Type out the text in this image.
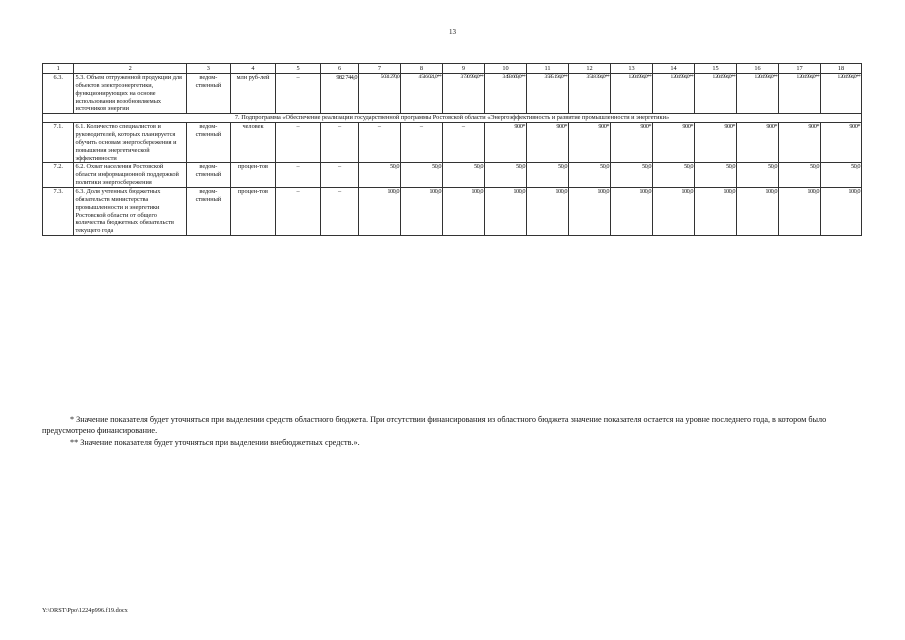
13
1	2	3	4	5	6	7	8	9	10	11	12	13	14	15	16	17	18
6.3.	5.3. Объем отгруженной продукции для объектов электроэнергетики, функционирующих на основе использования возобновляемых источников энергии	ведом-ственный	млн руб-лей	–	982 744,0	5 031 270,0	4 516 021,0**	3 730 994,0**	3 493 669,0**	3 585 194,0**	3 518 394,0**	1 204 994,0**	1 204 994,0**	1 204 994,0**	1 204 994,0**	1 204 994,0**	1 204 994,0**
7. Подпрограмма «Обеспечение реализации государственной программы Ростовской области «Энергоэффективность и развитие промышленности и энергетики»																	
7.1.	6.1. Количество специалистов и руководителей, которых планируется обучить основам энергосбережения и повышения энергетической эффективности	ведом-ственный	человек	–	–	–	–	–	900*	900*	900*	900*	900*	900*	900*	900*	900*
7.2.	6.2. Охват населения Ростовской области информационной поддержкой политики энергосбережения	ведом-ственный	процен-тов	–	–	50,0	50,0	50,0	50,0	50,0	50,0	50,0	50,0	50,0	50,0	50,0	50,0
7.3.	6.3. Доля учтенных бюджетных обязательств министерства промышленности и энергетики Ростовской области от общего количества бюджетных обязательств текущего года	ведом-ственный	процен-тов	–	–	100,0	100,0	100,0	100,0	100,0	100,0	100,0	100,0	100,0	100,0	100,0	100,0

* Значение показателя будет уточняться при выделении средств областного бюджета. При отсутствии финансирования из областного бюджета значение показателя остается на уровне последнего года, в котором было предусмотрено финансирование.

** Значение показателя будет уточняться при выделении внебюджетных средств.».

Y:\ORST\Ppo\1224p996.f19.docx
